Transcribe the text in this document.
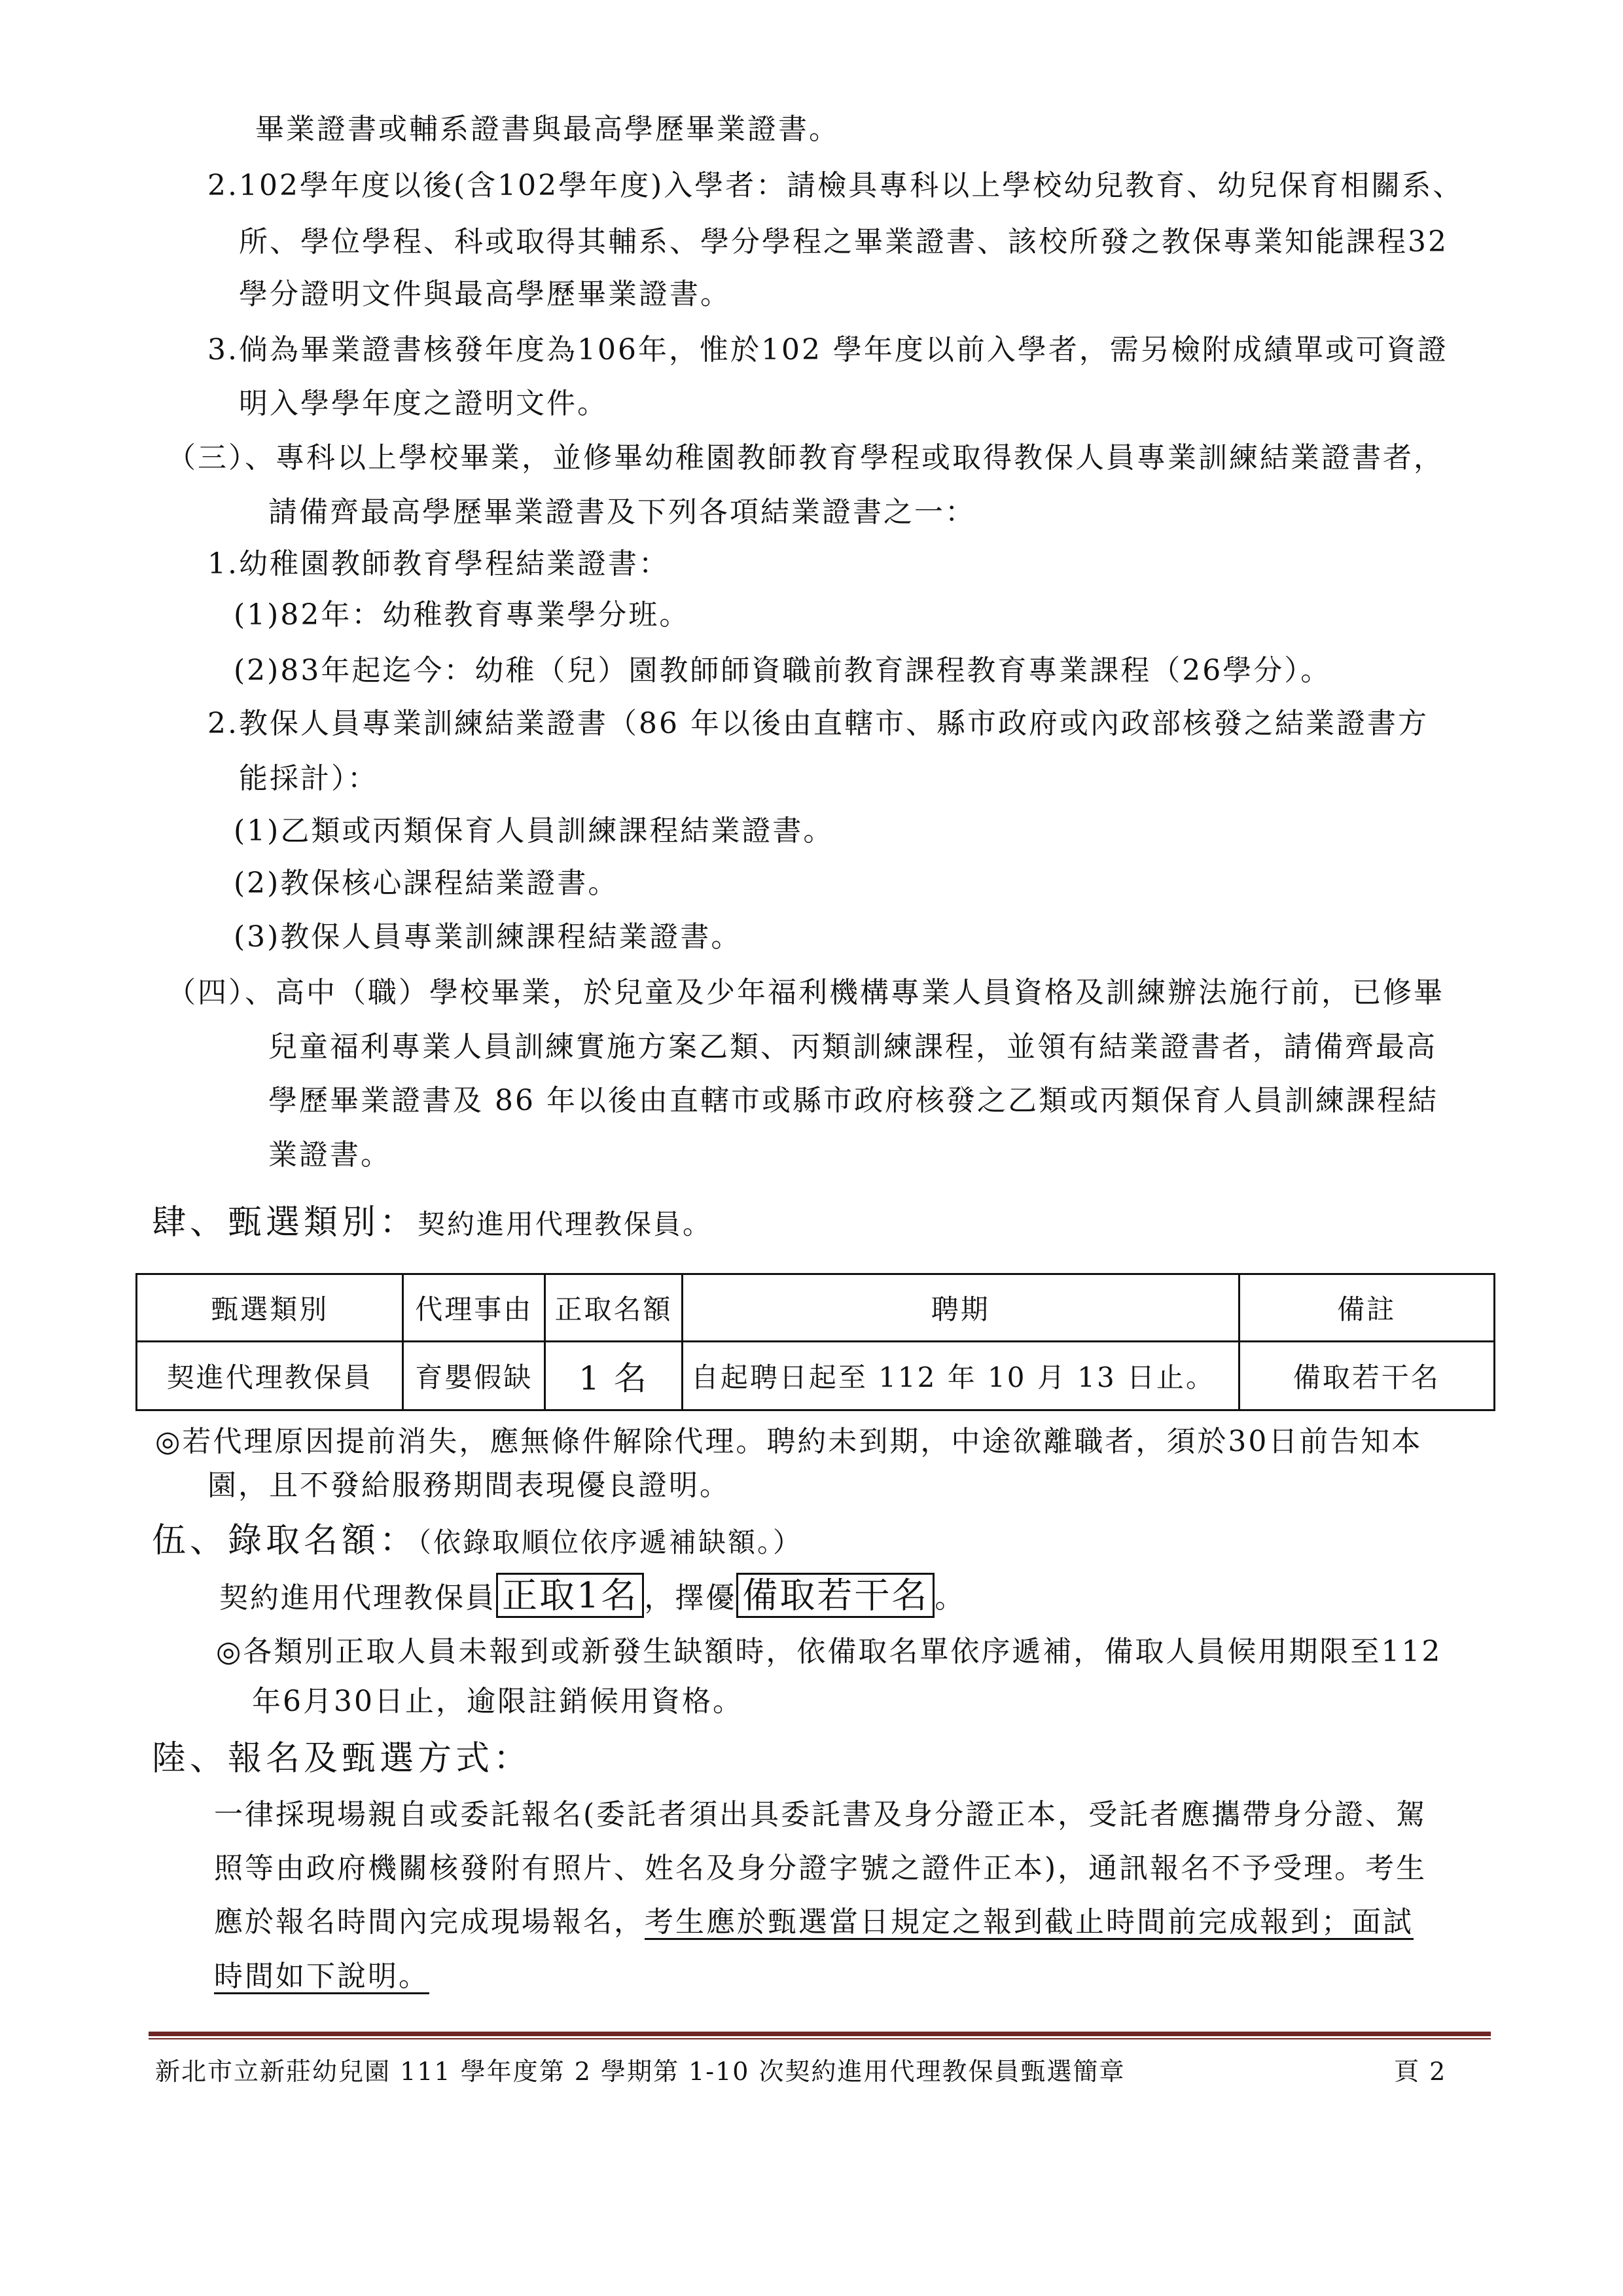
畢業證書或輔系證書與最高學歷畢業證書。
2.102學年度以後(含102學年度)入學者：請檢具專科以上學校幼兒教育、幼兒保育相關系、
所、學位學程、科或取得其輔系、學分學程之畢業證書、該校所發之教保專業知能課程32
學分證明文件與最高學歷畢業證書。
3.倘為畢業證書核發年度為106年，惟於102 學年度以前入學者，需另檢附成績單或可資證
明入學學年度之證明文件。
（三）、專科以上學校畢業，並修畢幼稚園教師教育學程或取得教保人員專業訓練結業證書者，
請備齊最高學歷畢業證書及下列各項結業證書之一：
1.幼稚園教師教育學程結業證書：
(1)82年：幼稚教育專業學分班。
(2)83年起迄今：幼稚（兒）園教師師資職前教育課程教育專業課程（26學分）。
2.教保人員專業訓練結業證書（86 年以後由直轄市、縣市政府或內政部核發之結業證書方
能採計）：
(1)乙類或丙類保育人員訓練課程結業證書。
(2)教保核心課程結業證書。
(3)教保人員專業訓練課程結業證書。
（四）、高中（職）學校畢業，於兒童及少年福利機構專業人員資格及訓練辦法施行前，已修畢
兒童福利專業人員訓練實施方案乙類、丙類訓練課程，並領有結業證書者，請備齊最高
學歷畢業證書及 86 年以後由直轄市或縣市政府核發之乙類或丙類保育人員訓練課程結
業證書。
肆、甄選類別：契約進用代理教保員。
甄選類別	代理事由	正取名額	聘期	備註
契進代理教保員	育嬰假缺	1 名	自起聘日起至 112 年 10 月 13 日止。	備取若干名
◎若代理原因提前消失，應無條件解除代理。聘約未到期，中途欲離職者，須於30日前告知本
園，且不發給服務期間表現優良證明。
伍、錄取名額：（依錄取順位依序遞補缺額。）
契約進用代理教保員 正取1名 ，擇優 備取若干名 。
◎各類別正取人員未報到或新發生缺額時，依備取名單依序遞補，備取人員候用期限至112
年6月30日止，逾限註銷候用資格。
陸、報名及甄選方式：
一律採現場親自或委託報名(委託者須出具委託書及身分證正本，受託者應攜帶身分證、駕
照等由政府機關核發附有照片、姓名及身分證字號之證件正本)，通訊報名不予受理。考生
應於報名時間內完成現場報名，考生應於甄選當日規定之報到截止時間前完成報到；面試
時間如下說明。
新北市立新莊幼兒園 111 學年度第 2 學期第 1-10 次契約進用代理教保員甄選簡章	頁 2
